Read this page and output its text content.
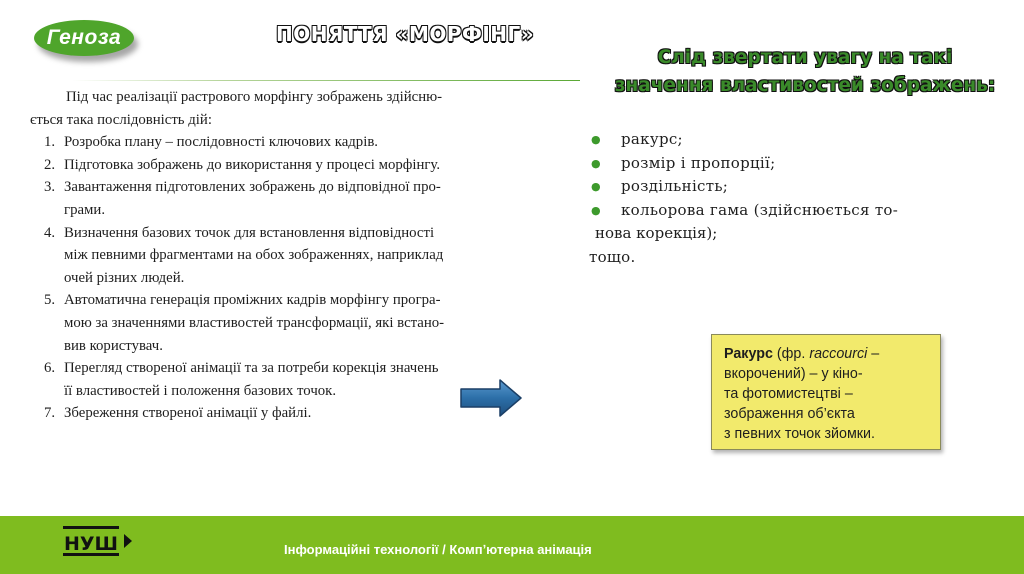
Геноза	ПОНЯТТЯ «МОРФІНГ»
Слід звертати увагу на такі
значення властивостей зображень:

Під час реалізації растрового морфінгу зображень здійсню-
ється така послідовність дій:

1. Розробка плану – послідовності ключових кадрів.
2. Підготовка зображень до використання у процесі морфінгу.
3. Завантаження підготовлених зображень до відповідної про-
грами.
4. Визначення базових точок для встановлення відповідності
між певними фрагментами на обох зображеннях, наприклад
очей різних людей.
5. Автоматична генерація проміжних кадрів морфінгу програ-
мою за значеннями властивостей трансформації, які встано-
вив користувач.
6. Перегляд створеної анімації та за потреби корекція значень
її властивостей і положення базових точок.
7. Збереження створеної анімації у файлі.
● ракурс;
● розмір і пропорції;
● роздільність;
● кольорова гама (здійснюється то-
нова корекція);
тощо.
Ракурс (фр. raccourci –
вкорочений) – у кіно-
та фотомистецтві –
зображення об’єкта
з певних точок зйомки.
НУШ	Інформаційні технології / Компʼютерна анімація
